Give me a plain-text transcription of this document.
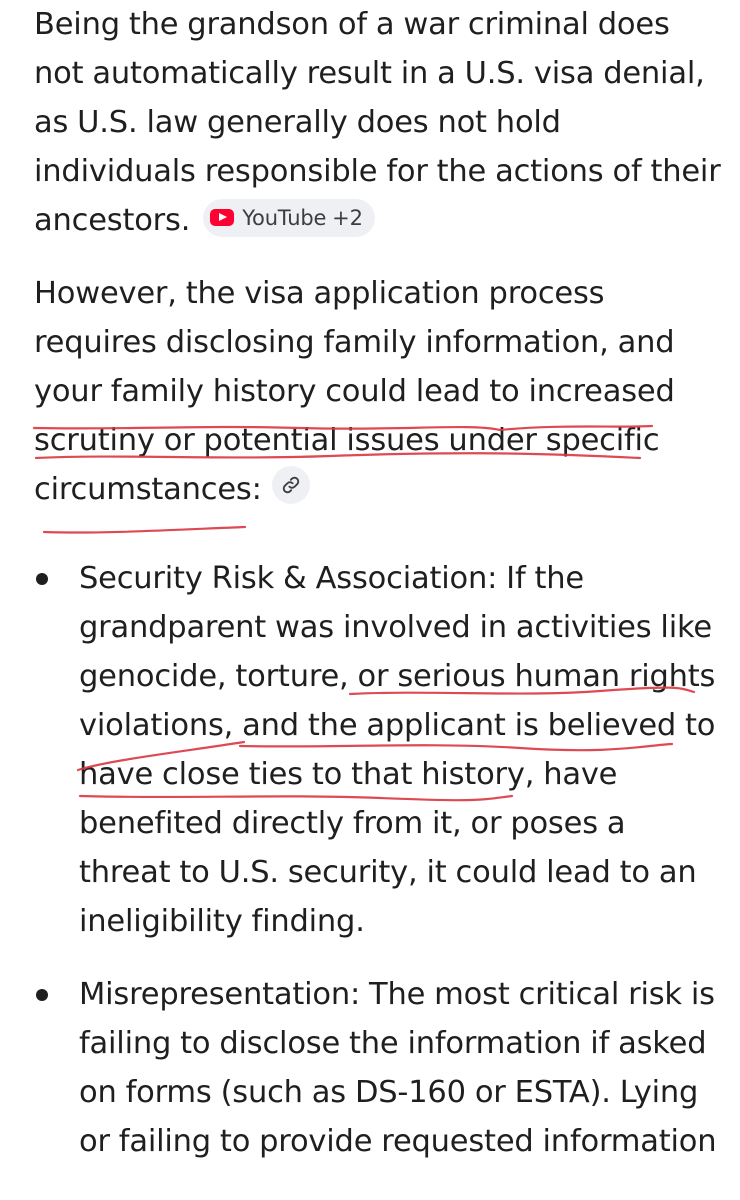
Being the grandson of a war criminal does not automatically result in a U.S. visa denial, as U.S. law generally does not hold individuals responsible for the actions of their ancestors. YouTube +2

However, the visa application process requires disclosing family information, and your family history could lead to increased scrutiny or potential issues under specific circumstances:

Security Risk & Association: If the grandparent was involved in activities like genocide, torture, or serious human rights violations, and the applicant is believed to have close ties to that history, have benefited directly from it, or poses a threat to U.S. security, it could lead to an ineligibility finding.
Misrepresentation: The most critical risk is failing to disclose the information if asked on forms (such as DS-160 or ESTA). Lying or failing to provide requested information
